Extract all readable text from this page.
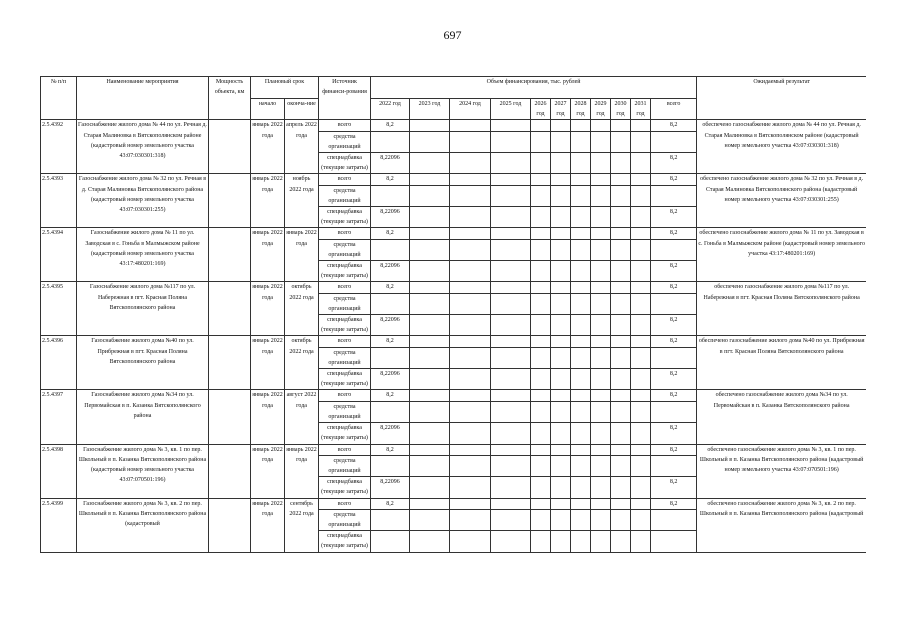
697
№ п/п	Наименование мероприятия	Мощность объекта, км	Плановый срок		Источник финанси-рования	Объем финансирования, тыс. рублей											Ожидаемый результат
			начало	оконча-ние		2022 год	2023 год	2024 год	2025 год	2026 год	2027 год	2028 год	2029 год	2030 год	2031 год	всего	
2.5.4392	Газоснабжение жилого дома № 44 по ул. Речная д. Старая Малиновка в Вятскополянском районе (кадастровый номер земельного участка 43:07:030301:318)		январь 2022 года	апрель 2022 года	всего	8,2										8,2	обеспечено газоснабжение жилого дома № 44 по ул. Речная д. Старая Малиновка в Вятскополянском районе (кадастровый номер земельного участка 43:07:030301:318)
					средства организаций												
					спецнадбавка (текущие затраты)	8,22096										8,2	
2.5.4393	Газоснабжение жилого дома № 32 по ул. Речная в д. Старая Малиновка Вятскополянского района (кадастровый номер земельного участка 43:07:030301:255)		январь 2022 года	ноябрь 2022 года	всего	8,2										8,2	обеспечено газоснабжение жилого дома № 32 по ул. Речная в д. Старая Малиновка Вятскополянского района (кадастровый номер земельного участка 43:07:030301:255)
					средства организаций												
					спецнадбавка (текущие затраты)	8,22096										8,2	
2.5.4394	Газоснабжение жилого дома № 11 по ул. Заводская в с. Гоньба в Малмыжском районе (кадастровый номер земельного участка 43:17:480201:169)		январь 2022 года	январь 2022 года	всего	8,2										8,2	обеспечено газоснабжение жилого дома № 11 по ул. Заводская в с. Гоньба в Малмыжском районе (кадастровый номер земельного участка 43:17:480201:169)
					средства организаций												
					спецнадбавка (текущие затраты)	8,22096										8,2	
2.5.4395	Газоснабжение жилого дома №117 по ул. Набережная в пгт. Красная Поляна Вятскополянского района		январь 2022 года	октябрь 2022 года	всего	8,2										8,2	обеспечено газоснабжение жилого дома №117 по ул. Набережная в пгт. Красная Поляна Вятскополянского района
					средства организаций												
					спецнадбавка (текущие затраты)	8,22096										8,2	
2.5.4396	Газоснабжение жилого дома №40 по ул. Прибрежная в пгт. Красная Поляна Вятскополянского района		январь 2022 года	октябрь 2022 года	всего	8,2										8,2	обеспечено газоснабжение жилого дома №40 по ул. Прибрежная в пгт. Красная Поляна Вятскополянского района
					средства организаций												
					спецнадбавка (текущие затраты)	8,22096										8,2	
2.5.4397	Газоснабжение жилого дома №34 по ул. Первомайская в п. Казанка Вятскополянского района		январь 2022 года	август 2022 года	всего	8,2										8,2	обеспечено газоснабжение жилого дома №34 по ул. Первомайская в п. Казанка Вятскополянского района
					средства организаций												
					спецнадбавка (текущие затраты)	8,22096										8,2	
2.5.4398	Газоснабжение жилого дома № 3, кв. 1 по пер. Школьный в п. Казанка Вятскополянского района (кадастровый номер земельного участка 43:07:070501:196)		январь 2022 года	январь 2022 года	всего	8,2										8,2	обеспечено газоснабжение жилого дома № 3, кв. 1 по пер. Школьный в п. Казанка Вятскополянского района (кадастровый номер земельного участка 43:07:070501:196)
					средства организаций												
					спецнадбавка (текущие затраты)	8,22096										8,2	
2.5.4399	Газоснабжение жилого дома № 3, кв. 2 по пер. Школьный в п. Казанка Вятскополянского района (кадастровый		январь 2022 года	сентябрь 2022 года	всего	8,2										8,2	обеспечено газоснабжение жилого дома № 3, кв. 2 по пер. Школьный в п. Казанка Вятскополянского района (кадастровый
					средства организаций												
					спецнадбавка (текущие затраты)												
